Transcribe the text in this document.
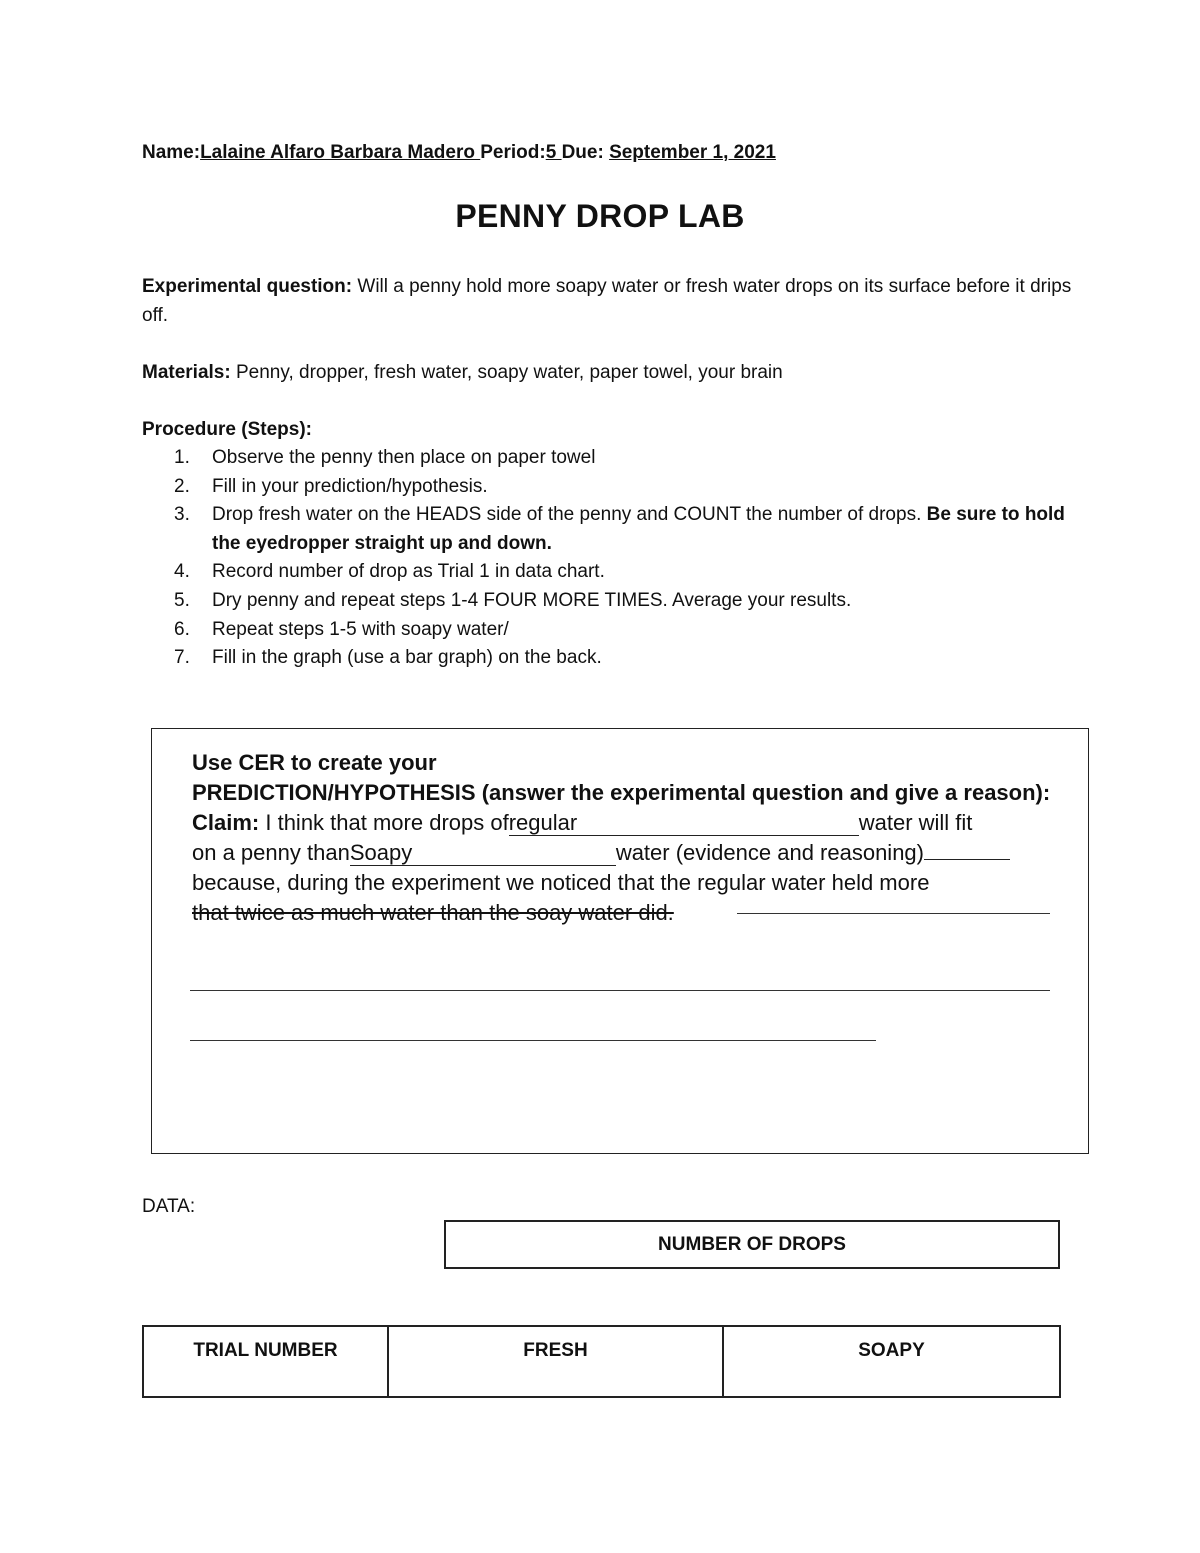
Name:Lalaine Alfaro Barbara Madero Period:5 Due: September 1, 2021
PENNY DROP LAB
Experimental question: Will a penny hold more soapy water or fresh water drops on its surface before it drips off.
Materials: Penny, dropper, fresh water, soapy water, paper towel, your brain
Procedure (Steps):
1.	Observe the penny then place on paper towel
2.	Fill in your prediction/hypothesis.
3.	Drop fresh water on the HEADS side of the penny and COUNT the number of drops. Be sure to hold the eyedropper straight up and down.
4.	Record number of drop as Trial 1 in data chart.
5.	Dry penny and repeat steps 1-4 FOUR MORE TIMES. Average your results.
6.	Repeat steps 1-5 with soapy water/
7.	Fill in the graph (use a bar graph) on the back.
Use CER to create your
PREDICTION/HYPOTHESIS (answer the experimental question and give a reason):
Claim: I think that more drops ofregular	water will fit
on a penny thanSoapy	water (evidence and reasoning)
because, during the experiment we noticed that the regular water held more
that twice as much water than the soay water did.
DATA:
NUMBER OF DROPS
TRIAL NUMBER	FRESH	SOAPY
